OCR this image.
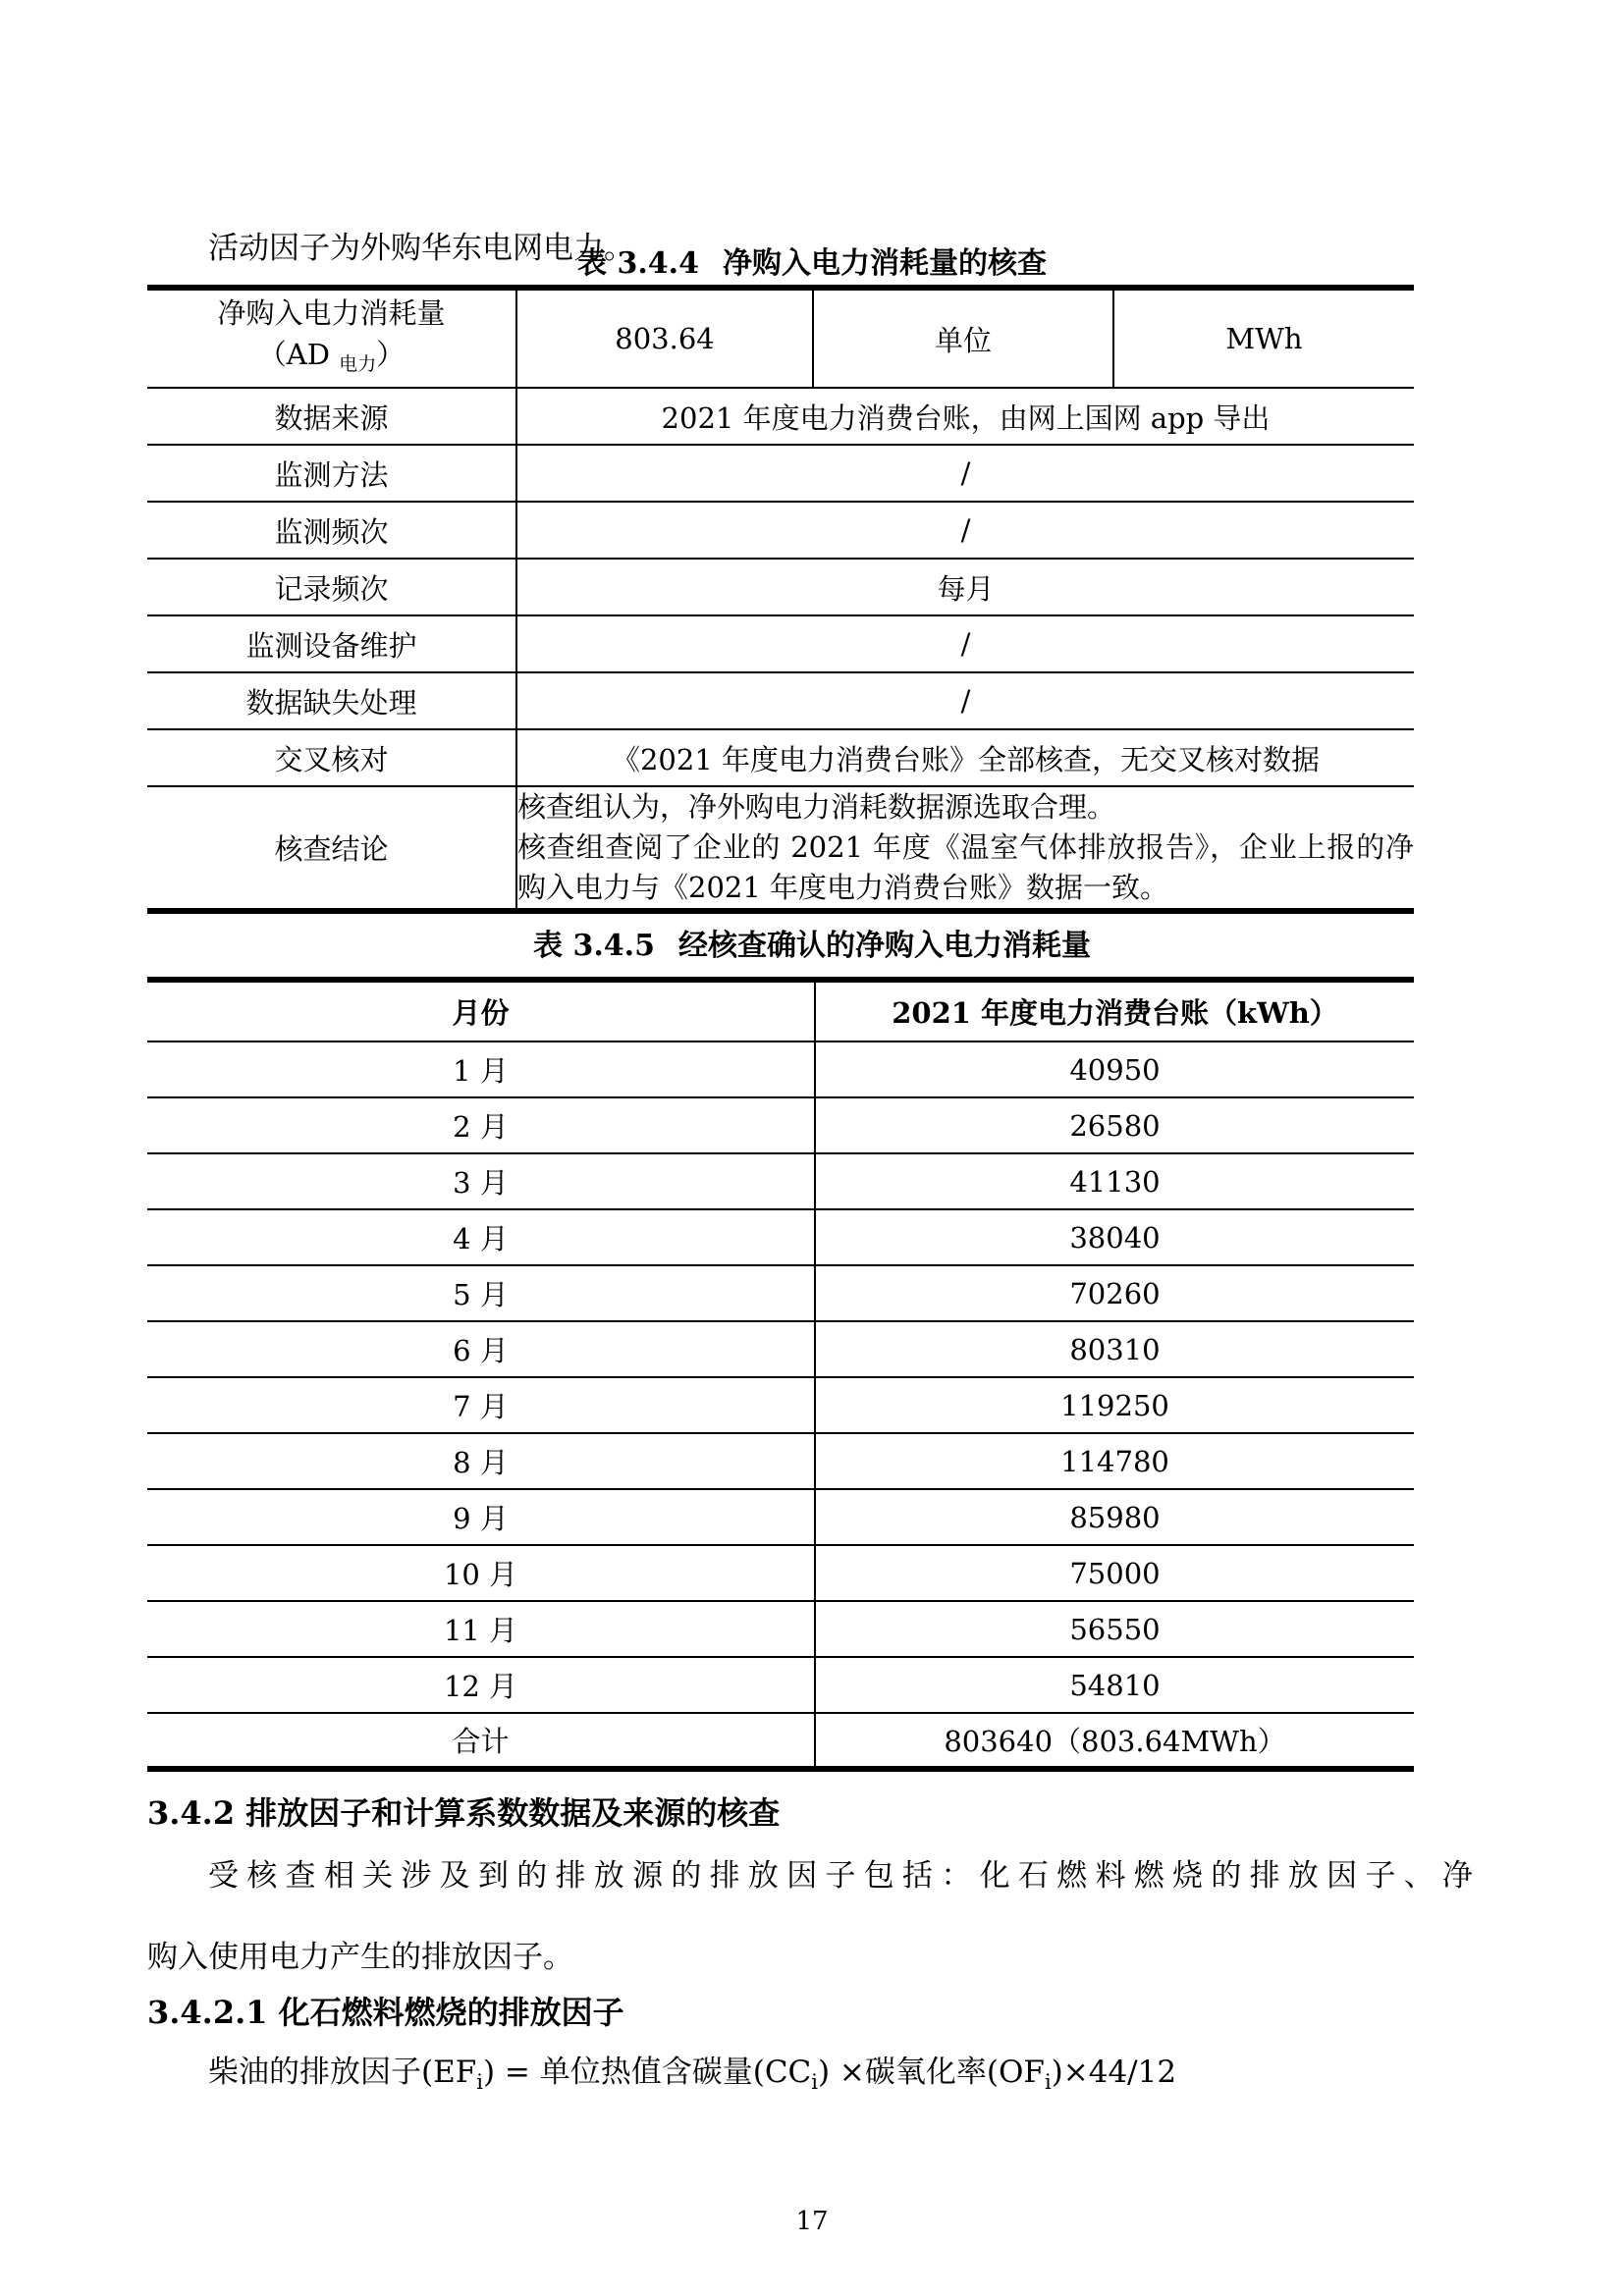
活动因子为外购华东电网电力。

表 3.4.4 净购入电力消耗量的核查
净购入电力消耗量
（AD $_{电力}$）	803.64	单位	MWh
数据来源	2021 年度电力消费台账，由网上国网 app 导出		
监测方法	/		
监测频次	/		
记录频次	每月		
监测设备维护	/		
数据缺失处理	/		
交叉核对	《2021 年度电力消费台账》全部核查，无交叉核对数据		
核查结论	核查组认为，净外购电力消耗数据源选取合理。
核查组查阅了企业的 2021 年度《温室气体排放报告》，企业上报的净
购入电力与《2021 年度电力消费台账》数据一致。		
表 3.4.5 经核查确认的净购入电力消耗量
月份	2021 年度电力消费台账（kWh）
1 月	40950
2 月	26580
3 月	41130
4 月	38040
5 月	70260
6 月	80310
7 月	119250
8 月	114780
9 月	85980
10 月	75000
11 月	56550
12 月	54810
合计	803640（803.64MWh）
3.4.2 排放因子和计算系数数据及来源的核查
受核查相关涉及到的排放源的排放因子包括：化石燃料燃烧的排放因子、净
购入使用电力产生的排放因子。
3.4.2.1 化石燃料燃烧的排放因子
柴油的排放因子$(EF_i)$ = 单位热值含碳量$(CC_i)$ ×碳氧化率$(OF_i)\times 44/12$
17
